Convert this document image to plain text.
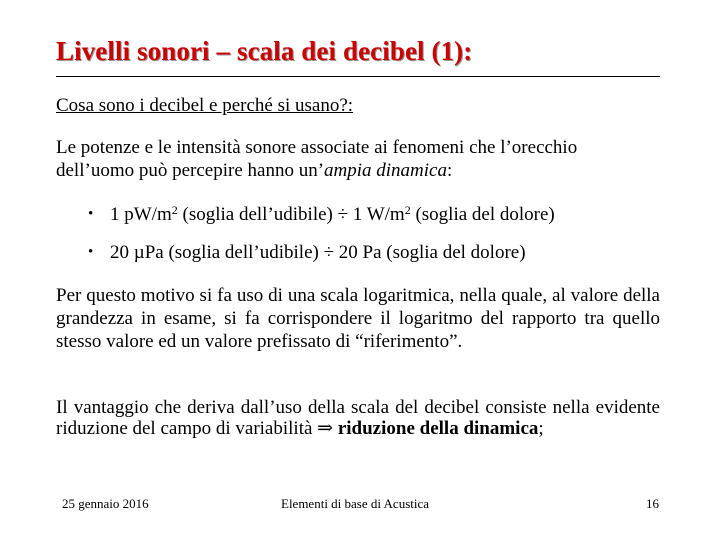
Livelli sonori – scala dei decibel (1):
Cosa sono i decibel e perché si usano?:
Le potenze e le intensità sonore associate ai fenomeni che l’orecchio dell’uomo può percepire hanno un’ampia dinamica:
• 1 $pW/m^2$ (soglia dell’udibile) ÷ 1 $W/m^2$ (soglia del dolore)
• 20 µPa (soglia dell’udibile) ÷ 20 Pa (soglia del dolore)
Per questo motivo si fa uso di una scala logaritmica, nella quale, al valore della grandezza in esame, si fa corrispondere il logaritmo del rapporto tra quello stesso valore ed un valore prefissato di “riferimento”.
Il vantaggio che deriva dall’uso della scala del decibel consiste nella evidente riduzione del campo di variabilità ⇒ riduzione della dinamica;
25 gennaio 2016	Elementi di base di Acustica	16
